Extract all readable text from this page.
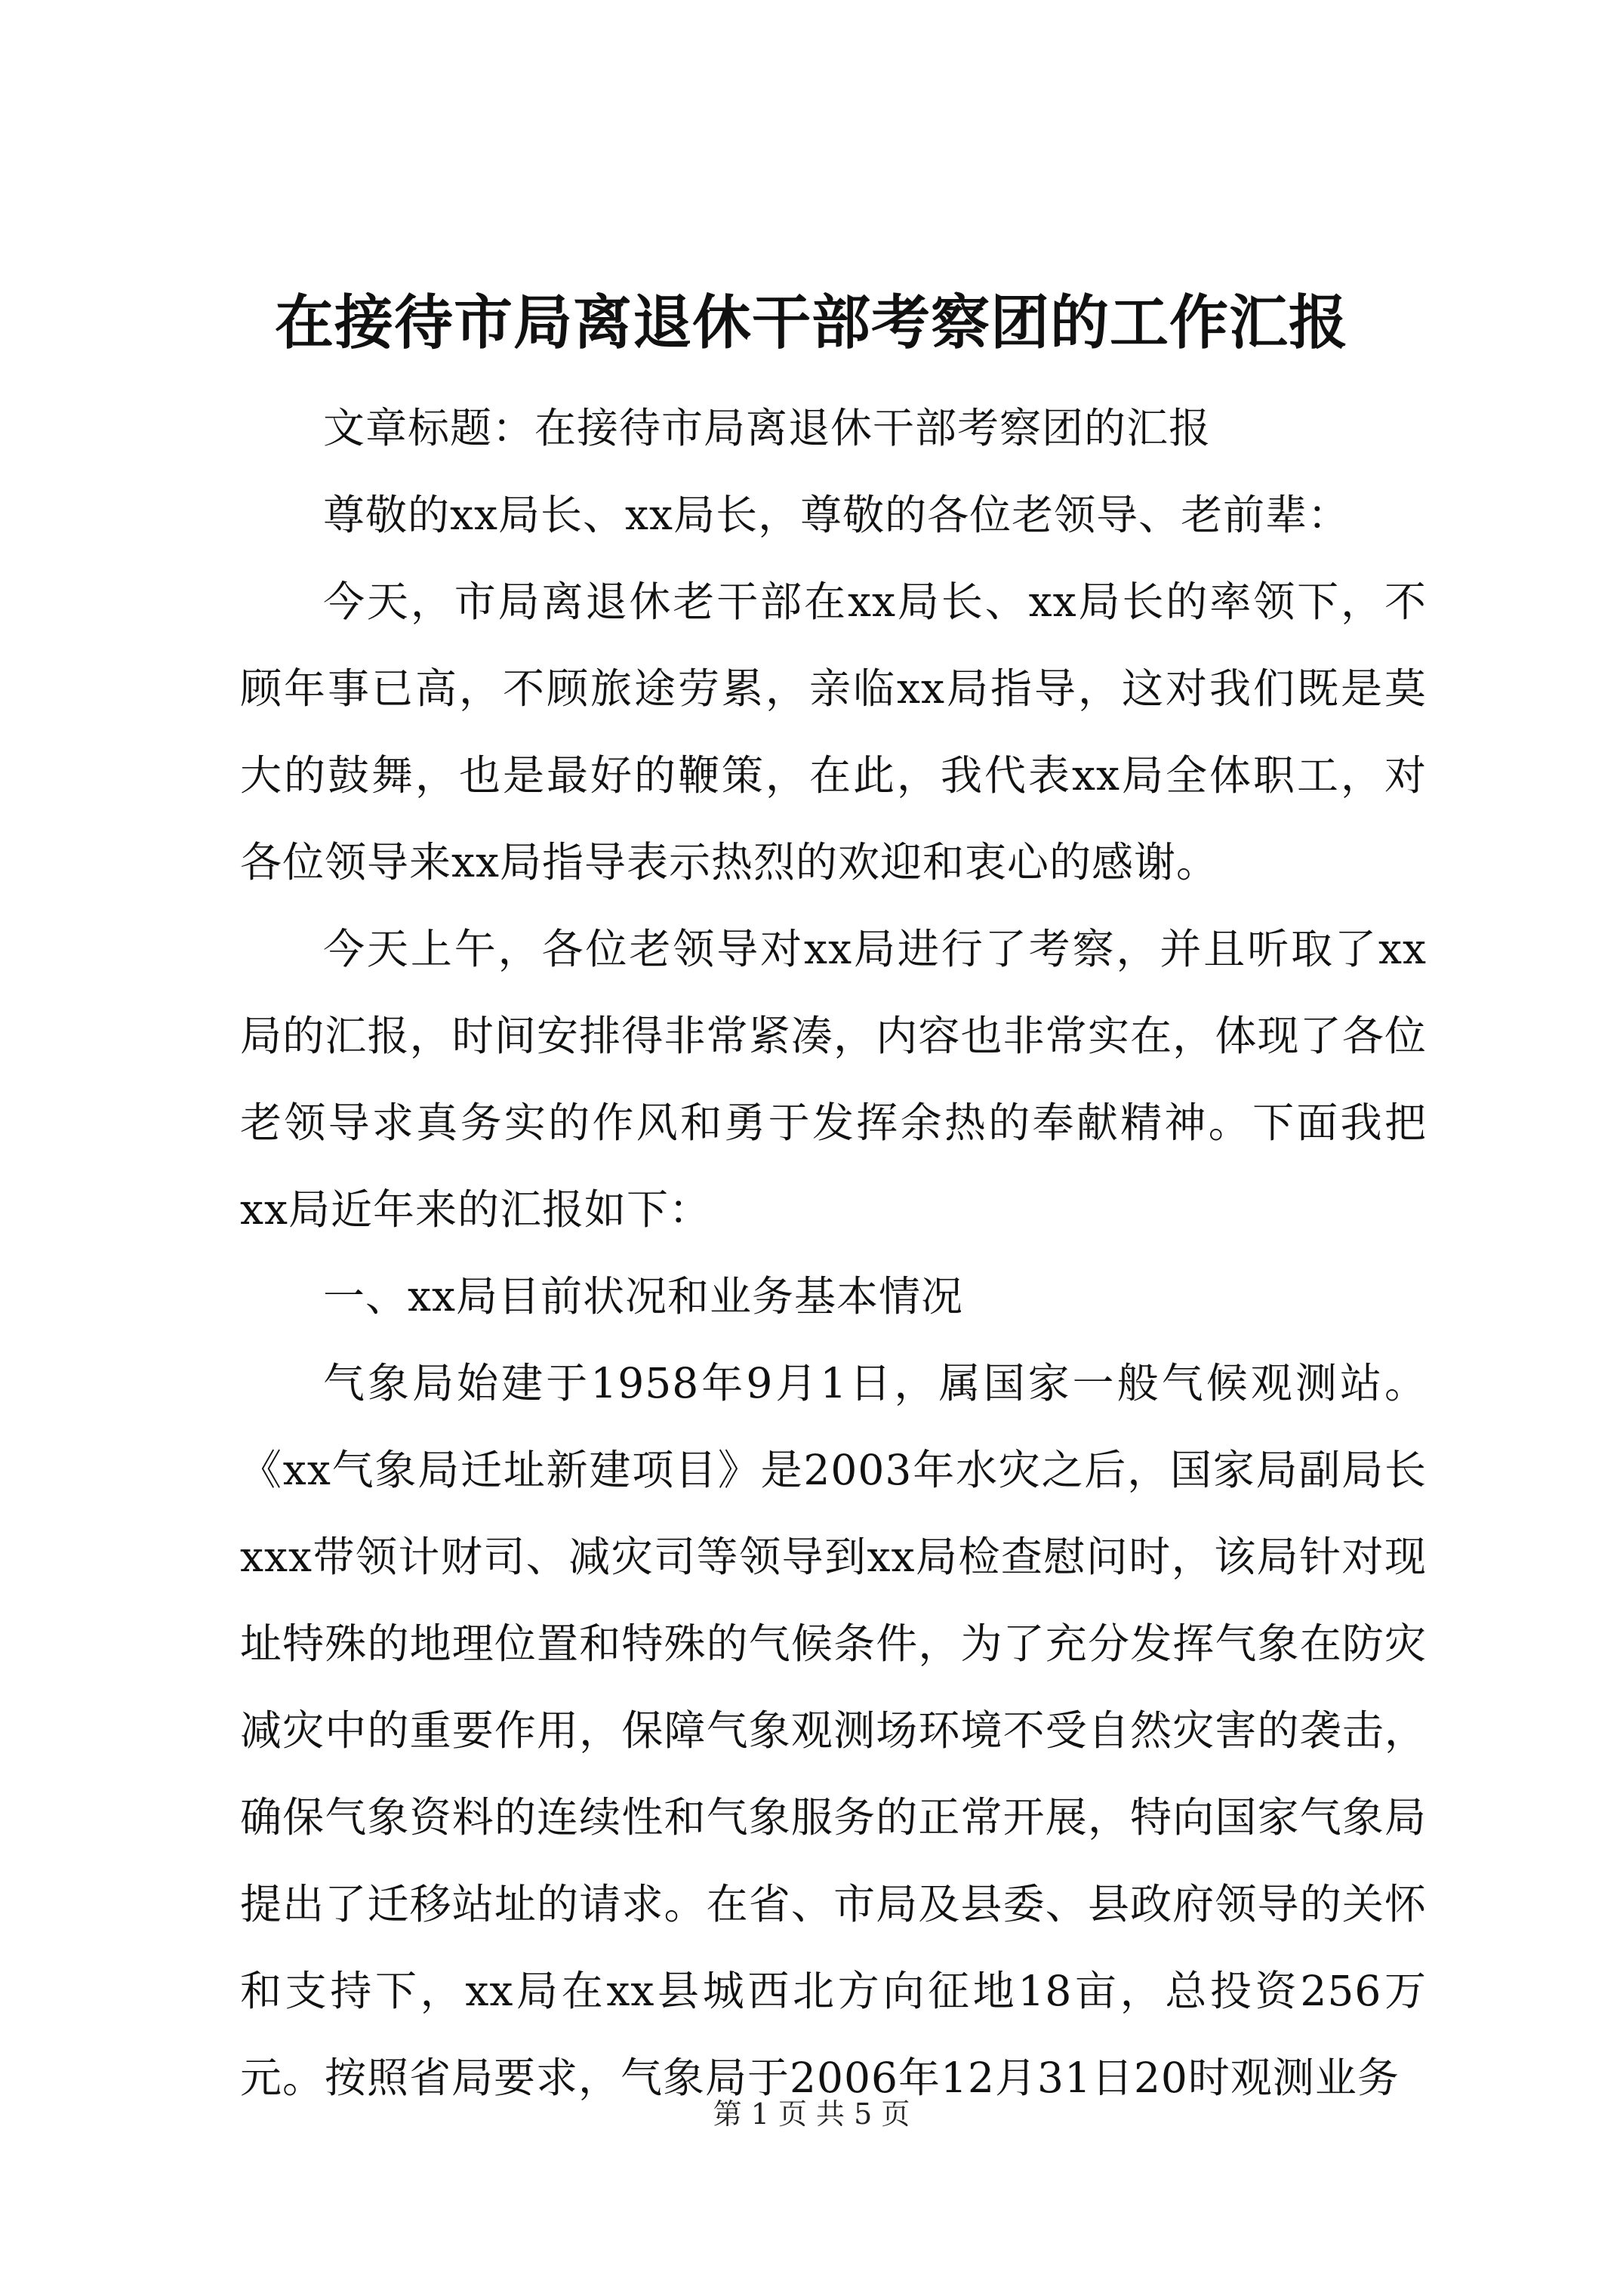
在接待市局离退休干部考察团的工作汇报

文章标题：在接待市局离退休干部考察团的汇报

尊敬的xx局长、xx局长，尊敬的各位老领导、老前辈：

今天，市局离退休老干部在xx局长、xx局长的率领下，不顾年事已高，不顾旅途劳累，亲临xx局指导，这对我们既是莫大的鼓舞，也是最好的鞭策，在此，我代表xx局全体职工，对各位领导来xx局指导表示热烈的欢迎和衷心的感谢。

今天上午，各位老领导对xx局进行了考察，并且听取了xx局的汇报，时间安排得非常紧凑，内容也非常实在，体现了各位老领导求真务实的作风和勇于发挥余热的奉献精神。下面我把xx局近年来的汇报如下：

一、xx局目前状况和业务基本情况

气象局始建于1958年9月1日，属国家一般气候观测站。《xx气象局迁址新建项目》是2003年水灾之后，国家局副局长xxx带领计财司、减灾司等领导到xx局检查慰问时，该局针对现址特殊的地理位置和特殊的气候条件，为了充分发挥气象在防灾减灾中的重要作用，保障气象观测场环境不受自然灾害的袭击，确保气象资料的连续性和气象服务的正常开展，特向国家气象局提出了迁移站址的请求。在省、市局及县委、县政府领导的关怀和支持下，xx局在xx县城西北方向征地18亩，总投资256万元。按照省局要求，气象局于2006年12月31日20时观测业务

第 1 页 共 5 页
